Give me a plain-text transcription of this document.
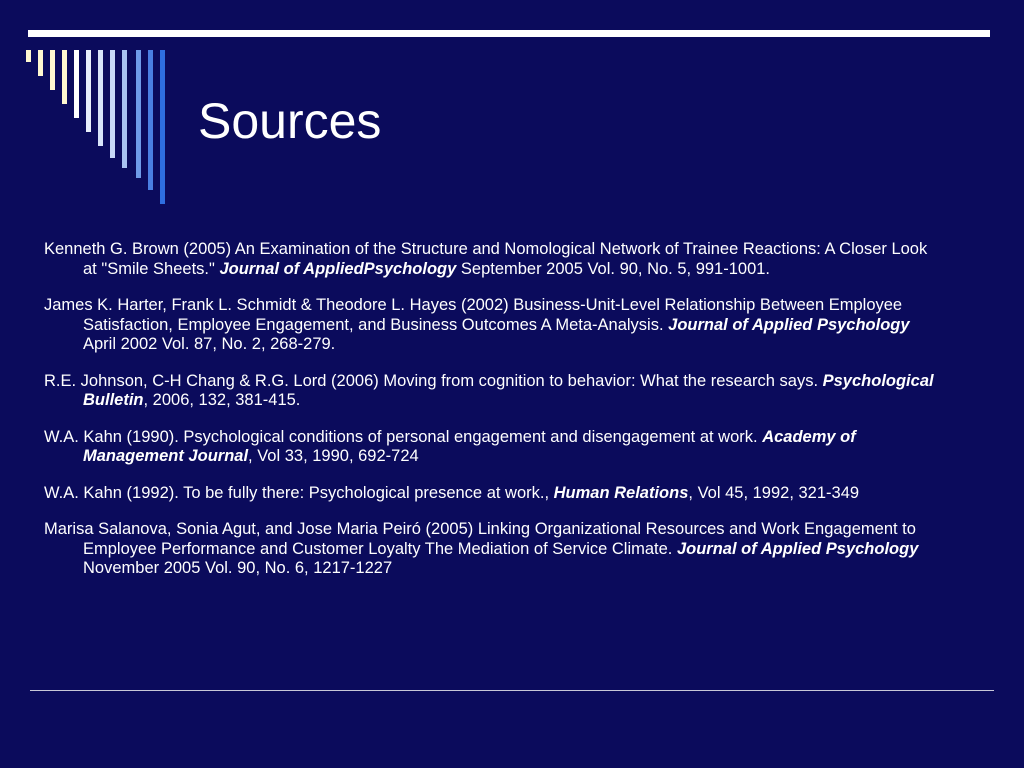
Sources
Kenneth G. Brown (2005) An Examination of the Structure and Nomological Network of Trainee Reactions: A Closer Look at "Smile Sheets." Journal of AppliedPsychology September 2005 Vol. 90, No. 5, 991-1001.
James K. Harter, Frank L. Schmidt & Theodore L. Hayes (2002) Business-Unit-Level Relationship Between Employee Satisfaction, Employee Engagement, and Business Outcomes A Meta-Analysis. Journal of Applied Psychology April 2002 Vol. 87, No. 2, 268-279.
R.E. Johnson, C-H Chang & R.G. Lord (2006) Moving from cognition to behavior: What the research says. Psychological Bulletin, 2006, 132, 381-415.
W.A. Kahn (1990). Psychological conditions of personal engagement and disengagement at work. Academy of Management Journal, Vol 33, 1990, 692-724
W.A. Kahn (1992). To be fully there: Psychological presence at work., Human Relations, Vol 45, 1992, 321-349
Marisa Salanova, Sonia Agut, and Jose Maria Peiró (2005) Linking Organizational Resources and Work Engagement to Employee Performance and Customer Loyalty The Mediation of Service Climate. Journal of Applied Psychology November 2005 Vol. 90, No. 6, 1217-1227
